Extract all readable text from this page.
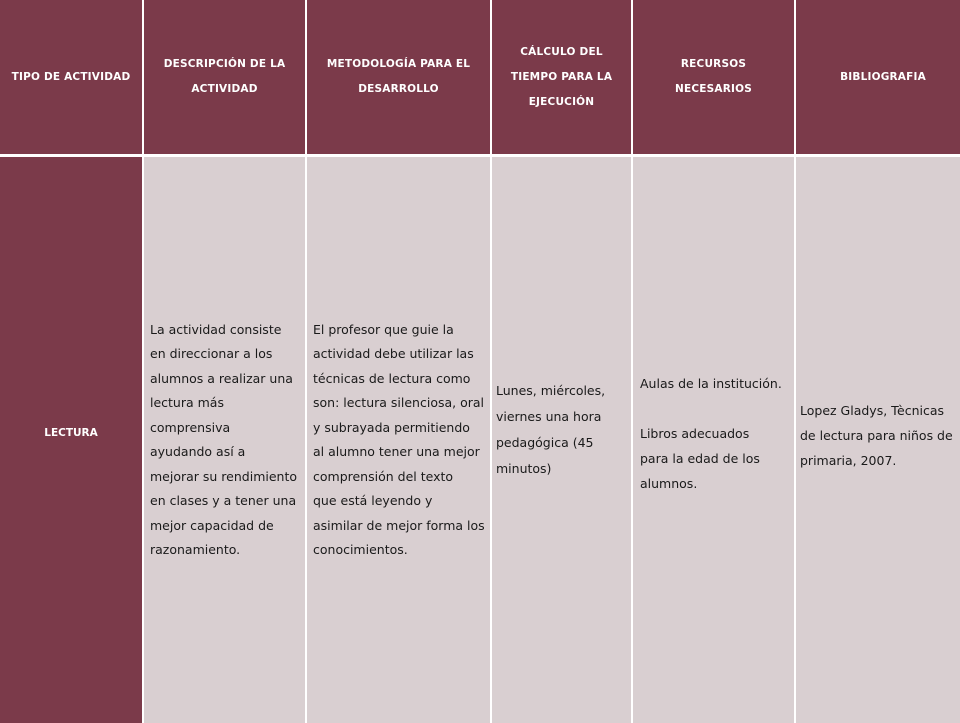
TIPO DE ACTIVIDAD
DESCRIPCIÓN DE LA ACTIVIDAD
METODOLOGÍA PARA EL DESARROLLO
CÁLCULO DEL TIEMPO PARA LA EJECUCIÓN
RECURSOS NECESARIOS
BIBLIOGRAFIA
LECTURA
La actividad consiste
en direccionar a los
alumnos a realizar una
lectura más
comprensiva
ayudando así a
mejorar su rendimiento
en clases y a tener una
mejor capacidad de
razonamiento.
El profesor que guie la
actividad debe utilizar las
técnicas de lectura como
son: lectura silenciosa, oral
y subrayada permitiendo
al alumno tener una mejor
comprensión del texto
que está leyendo y
asimilar de mejor forma los
conocimientos.
Lunes, miércoles,
viernes una hora
pedagógica (45
minutos)
Aulas de la institución.

Libros adecuados
para la edad de los
alumnos.
Lopez Gladys, Tècnicas
de lectura para niños de
primaria, 2007.
